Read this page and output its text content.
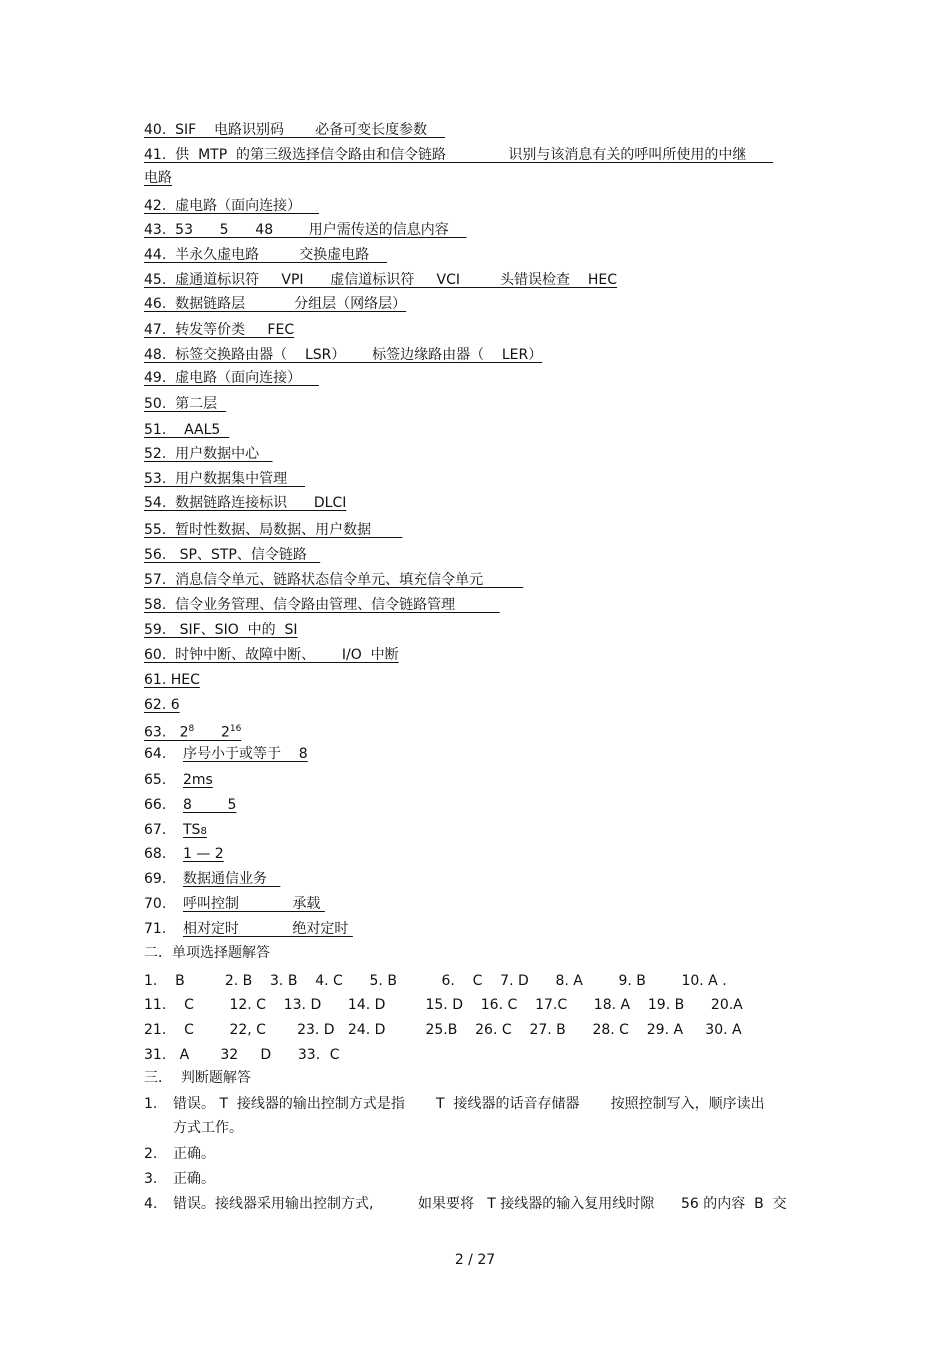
40.  SIF    电路识别码       必备可变长度参数
41.  供  MTP  的第三级选择信令路由和信令链路              识别与该消息有关的呼叫所使用的中继
电路
42.  虚电路（面向连接）
43.  53      5      48        用户需传送的信息内容
44.  半永久虚电路         交换虚电路
45.  虚通道标识符     VPI      虚信道标识符     VCI         头错误检查    HEC
46.  数据链路层           分组层（网络层）
47.  转发等价类     FEC
48.  标签交换路由器（    LSR）      标签边缘路由器（    LER）
49.  虚电路（面向连接）
50.  第二层
51.    AAL5
52.  用户数据中心
53.  用户数据集中管理
54.  数据链路连接标识      DLCI
55.  暂时性数据、局数据、用户数据
56.   SP、STP、信令链路
57.  消息信令单元、链路状态信令单元、填充信令单元
58.  信令业务管理、信令路由管理、信令链路管理
59.   SIF、SIO  中的  SI
60.  时钟中断、故障中断、      I/O  中断
61. HEC
62. 6
63.   $2^8$      $2^{16}$
64. 序号小于或等于    8
65. 2ms
66. 8        5
67. TS8
68. 1 — 2
69. 数据通信业务
70. 呼叫控制            承载
71. 相对定时            绝对定时
二．单项选择题解答
1.    B         2. B    3. B    4. C      5. B          6.    C    7. D      8. A        9. B        10. A .
11.    C        12. C    13. D      14. D         15. D    16. C    17.C      18. A    19. B      20.A
21.    C        22, C       23. D   24. D         25.B    26. C    27. B      28. C    29. A     30. A
31.   A       32     D      33．C
三．  判断题解答
1. 错误。 T  接线器的输出控制方式是指       T  接线器的话音存储器       按照控制写入，顺序读出
方式工作。
2. 正确。
3. 正确。
4. 错误。接线器采用输出控制方式,          如果要将   T 接线器的输入复用线时隙      56 的内容  B  交
2 / 27
